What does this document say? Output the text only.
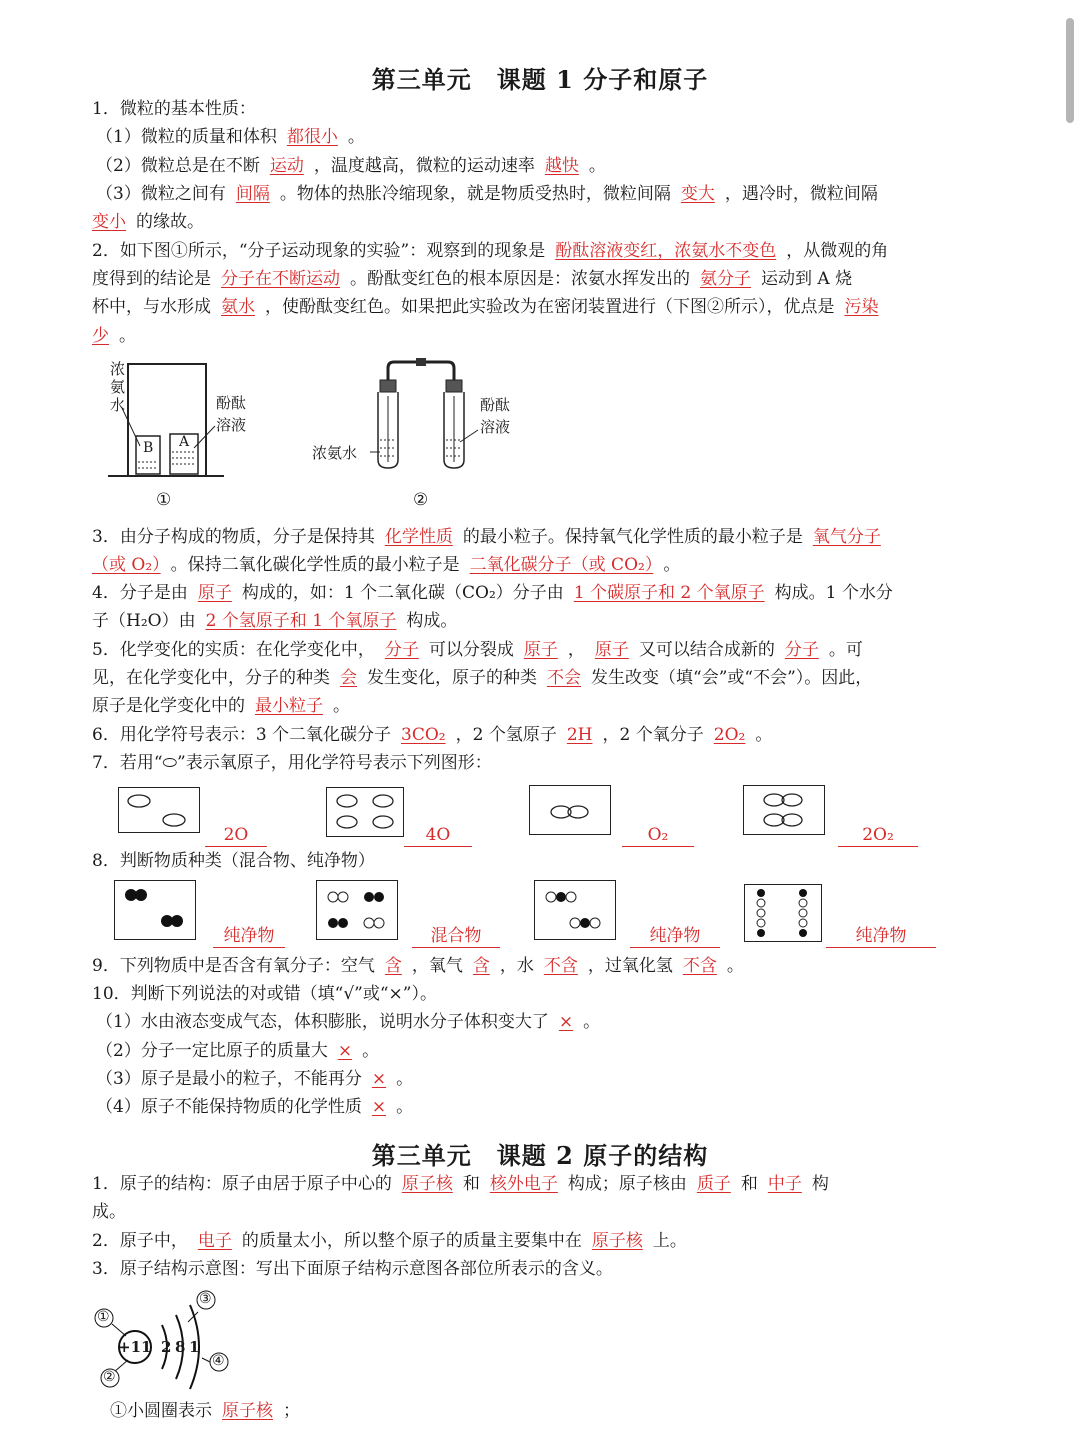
第三单元　课题 1 分子和原子
1．微粒的基本性质：
（1）微粒的质量和体积 都很小 。
（2）微粒总是在不断 运动 ，温度越高，微粒的运动速率 越快 。
（3）微粒之间有 间隔 。物体的热胀冷缩现象，就是物质受热时，微粒间隔 变大 ，遇冷时，微粒间隔
变小 的缘故。
2．如下图①所示，“分子运动现象的实验”：观察到的现象是 酚酞溶液变红，浓氨水不变色 ，从微观的角
度得到的结论是 分子在不断运动 。酚酞变红色的根本原因是：浓氨水挥发出的 氨分子 运动到 A 烧
杯中，与水形成 氨水 ，使酚酞变红色。如果把此实验改为在密闭装置进行（下图②所示），优点是 污染
少 。
浓氨水	酚酞
溶液
B A
①
浓氨水
酚酞
溶液
②
3．由分子构成的物质，分子是保持其 化学性质 的最小粒子。保持氧气化学性质的最小粒子是 氧气分子
（或 O₂） 。保持二氧化碳化学性质的最小粒子是 二氧化碳分子（或 CO₂） 。
4．分子是由 原子 构成的，如：1 个二氧化碳（CO₂）分子由 1 个碳原子和 2 个氧原子 构成。1 个水分
子（H₂O）由 2 个氢原子和 1 个氧原子 构成。
5．化学变化的实质：在化学变化中， 分子 可以分裂成 原子 ， 原子 又可以结合成新的 分子 。可
见，在化学变化中，分子的种类 会 发生变化，原子的种类 不会 发生改变（填“会”或“不会”）。因此，
原子是化学变化中的 最小粒子 。
6．用化学符号表示：3 个二氧化碳分子 3CO₂ ，2 个氢原子 2H ，2 个氧分子 2O₂ 。
7．若用“⬭”表示氧原子，用化学符号表示下列图形：
2O	4O	O₂	2O₂
8．判断物质种类（混合物、纯净物）
纯净物	混合物	纯净物	纯净物
9．下列物质中是否含有氧分子：空气 含 ，氧气 含 ，水 不含 ，过氧化氢 不含 。
10．判断下列说法的对或错（填“√”或“×”）。
（1）水由液态变成气态，体积膨胀，说明水分子体积变大了 × 。
（2）分子一定比原子的质量大 × 。
（3）原子是最小的粒子，不能再分 × 。
（4）原子不能保持物质的化学性质 × 。
第三单元　课题 2 原子的结构
1．原子的结构：原子由居于原子中心的 原子核 和 核外电子 构成；原子核由 质子 和 中子 构
成。
2．原子中， 电子 的质量太小，所以整个原子的质量主要集中在 原子核 上。
3．原子结构示意图：写出下面原子结构示意图各部位所表示的含义。
+11 2 8 1
①
②
③
④
①小圆圈表示 原子核 ；
